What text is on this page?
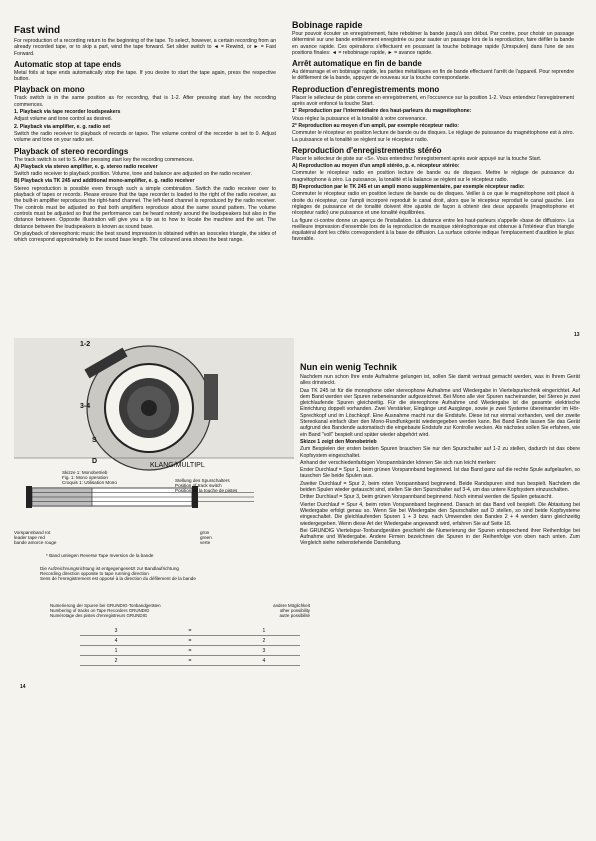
Fast wind

For reproduction of a recording return to the beginning of the tape. To select, however, a certain recording from an already recorded tape, or to skip a part, wind the tape forward. Set slider switch to ◄ = Rewind, or ► = Fast Forward.

Automatic stop at tape ends

Metal foils at tape ends automatically stop the tape. If you desire to start the tape again, press the respective button.

Playback on mono

Track switch is in the same position as for recording, that is 1-2. After pressing start key the recording commences.

1. Playback via tape recorder loudspeakers

Adjust volume and tone control as desired.

2. Playback via amplifier, e. g. radio set

Switch the radio receiver to playback of records or tapes. The volume control of the recorder is set to 0. Adjust volume and tone on your radio set.

Playback of stereo recordings

The track switch is set to S. After pressing start key the recording commences.

A) Playback via stereo amplifier, e. g. stereo radio receiver

Switch radio receiver to playback position. Volume, tone and balance are adjusted on the radio receiver.

B) Playback via TK 245 and additional mono-amplifier, e. g. radio receiver

Stereo reproduction is possible even through such a simple combination. Switch the radio receiver over to playback of tapes or records. Please ensure that the tape recorder is loaded to the right of the radio receiver, as the built-in amplifier reproduces the right-hand channel. The left-hand channel is reproduced by the radio receiver. The controls must be adjusted so that both amplifiers reproduce about the same sound pattern. The volume controls must be adjusted so that the performance can be heard notonly around the loudspeakers but also in the distance between. Opposite illustration will give you a tip as to how to locate the machine and the set. The distance between the loudspeakers is known as sound base.

On playback of stereophonic music the best sound impression is obtained within an isosceles triangle, the sides of which correspond approximately to the sound base length. The coloured area shows the best range.

Bobinage rapide

Pour pouvoir écouter un enregistrement, faire rebobiner la bande jusqu'à son début. Par contre, pour choisir un passage déterminé sur une bande entièrement enregistrée ou pour sauter un passage lors de la reproduction, faire défiler la bande en avance rapide. Ces opérations s'effectuent en poussant la touche bobinage rapide (Umspulen) dans l'une de ses positions finales: ◄ = rebobinage rapide, ► = avance rapide.

Arrêt automatique en fin de bande

Au démarrage et en bobinage rapide, les parties métalliques en fin de bande effectuent l'arrêt de l'appareil. Pour reprendre le défilement de la bande, appuyer de nouveau sur la touche correspondante.

Reproduction d'enregistrements mono

Placer le sélecteur de piste comme en enregistrement, en l'occurence sur la position 1-2. Vous entendrez l'enregistrement après avoir enfoncé la touche Start.

1° Reproduction par l'intermédiaire des haut-parleurs du magnétophone:

Vous réglez la puissance et la tonalité à votre convenance.

2° Reproduction au moyen d'un ampli, par exemple récepteur radio:

Commuter le récepteur en position lecture de bande ou de disques. Le réglage de puissance du magnétophone est à zéro. La puissance et la tonalité se règlent sur le récepteur radio.

Reproduction d'enregistrements stéréo

Placer le sélecteur de piste sur «S». Vous entendrez l'enregistrement après avoir appuyé sur la touche Start.

A) Reproduction au moyen d'un ampli stéréo, p. e. récepteur stéréo:

Commuter le récepteur radio en position lecture de bande ou de disques. Mettre le réglage de puissance du magnétophone à zéro. La puissance, la tonalité et la balance se règlent sur le récepteur radio.

B) Reproduction par le TK 245 et un ampli mono supplémentaire, par exemple récepteur radio:

Commuter le récepteur radio en position lecture de bande ou de disques. Veiller à ce que le magnétophone soit placé à droite du récepteur, car l'ampli incorporé reproduit le canal droit, alors que le récepteur reproduit le canal gauche. Les réglages de puissance et de tonalité doivent être ajustés de façon à obtenir des deux appareils (magnétophone et récepteur radio) une puissance et une tonalité équilibrées.

La figure ci-contre donne un aperçu de l'installation. La distance entre les haut-parleurs s'appelle «base de diffusion». La meilleure impression d'ensemble lors de la reproduction de musique stéréophonique est obtenue à l'intérieur d'un triangle équilatéral dont les côtés correspondent à la base de diffusion. La surface colorée indique l'emplacement d'audition le plus favorable.

13
1-2
3-4
S
D
KLANG/MULTIPL
Skizze 1: Monobetrieb
Fig. 1: Mono operation
Croquis 1: Utilisation Mono	Stellung des Spurschalters
Position of track switch
Position de la touche de pistes
Vorspannband rot
leader tape red
bande amorce rouge
grün
green
verte
* Band umlegen Reverse Tape Inversion de la bande
Die Aufzeichnungsrichtung ist entgegengesetzt zur Bandlaufrichtung
Recording direction opposite to tape running direction
Sens de l'enregistrement est opposé à la direction du défilement de la bande
Numerierung der Spuren bei GRUNDIG-Tonbandgeräten	andere Möglichkeit
Numbering of tracks on Tape Recorders GRUNDIG	other possibility
Numérotage des pistes d'enregistreurs GRUNDIG	autre possibilité
3	=	1
4	=	2
1	=	3
2	=	4
14
Nun ein wenig Technik

Nachdem nun schon Ihre erste Aufnahme gelungen ist, sollen Sie damit vertraut gemacht werden, was in Ihrem Gerät alles drinsteckt.

Das TK 245 ist für die monophone oder stereophone Aufnahme und Wiedergabe in Viertelspurtechnik eingerichtet. Auf dem Band werden vier Spuren nebeneinander aufgezeichnet. Bei Mono alle vier Spuren nacheinander, bei Stereo je zwei gleichlaufende Spuren gleichzeitig. Für die stereophone Aufnahme und Wiedergabe ist die gesamte elektrische Einrichtung doppelt vorhanden. Zwei Verstärker, Eingänge und Ausgänge, sowie je zwei Systeme übereinander im Hör-Sprechkopf und im Löschkopf. Eine Ausnahme macht nur die Endstufe. Diese ist nur einmal vorhanden, weil der zweite Stereokanal einfach über den Mono-Rundfunkgerät wiedergegeben werden kann. Bei Band Ende lassen Sie das Gerät aufgrund des Bandende automatisch die eingebaute Endstufe zur Kontrolle wecken. Als nächstes sollen Sie erfahren, wie ein Band "voll" bespielt und später wieder abgehört wird.

Skizze 1 zeigt den Monobetrieb

Zum Bespielen der ersten beiden Spuren brauchen Sie nur den Spurschalter auf 1-2 zu stellen, dadurch ist das obere Kopfsystem eingeschaltet.

Anhand der verschiedenfarbigen Vorspannbänder können Sie sich nun leicht merken:

Erster Durchlauf = Spur 1, beim grünen Vorspannband beginnend. Ist das Band ganz auf die rechte Spule aufgelaufen, so tauschen Sie beide Spulen aus.

Zweiter Durchlauf = Spur 2, beim roten Vorspannband beginnend. Beide Randspuren sind nun bespielt. Nachdem die beiden Spulen wieder getauscht sind, stellen Sie den Spurschalter auf 3-4, um das untere Kopfsystem einzuschalten.

Dritter Durchlauf = Spur 3, beim grünen Vorspannband beginnend. Noch einmal werden die Spulen getauscht.

Vierter Durchlauf = Spur 4, beim roten Vorspannband beginnend. Danach ist das Band voll bespielt. Die Abtastung bei Wiedergabe erfolgt genau so. Wenn Sie bei Wiedergabe den Spurschalter auf D stellen, so sind beide Kopfsysteme eingeschaltet. Die gleichlaufenden Spuren 1 + 3 bzw. nach Umwenden des Bandes 2 + 4 werden dann gleichzeitig wiedergegeben. Wenn diese Art der Wiedergabe angewandt wird, erfahren Sie auf Seite 18.

Bei GRUNDIG Viertelspur-Tonbandgeräten geschieht die Numerierung der Spuren entsprechend ihrer Reihenfolge bei Aufnahme und Wiedergabe. Andere Firmen bezeichnen die Spuren in der Reihenfolge von oben nach unten. Zum Vergleich siehe nebenstehende Darstellung.
